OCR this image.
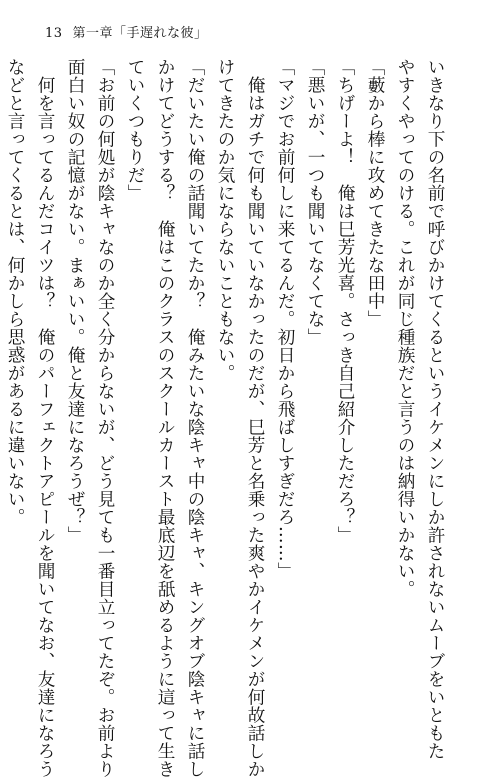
13 第一章「手遅れな彼」
いきなり下の名前で呼びかけてくるというイケメンにしか許されないムーブをいともた
やすくやってのける。これが同じ種族だと言うのは納得いかない。
「藪から棒に攻めてきたな田中」
「ちげーよ！　俺は巳芳光喜。さっき自己紹介しただろ？」
「悪いが、一つも聞いてなくてな」
「マジでお前何しに来てるんだ。初日から飛ばしすぎだろ……」
　俺はガチで何も聞いていなかったのだが、巳芳と名乗った爽やかイケメンが何故話しか
けてきたのか気にならないこともない。
「だいたい俺の話聞いてたか？　俺みたいな陰キャ中の陰キャ、キングオブ陰キャに話し
かけてどうする？　俺はこのクラスのスクールカースト最底辺を舐めるように這って生き
ていくつもりだ」
「お前の何処が陰キャなのか全く分からないが、どう見ても一番目立ってたぞ。お前より
面白い奴の記憶がない。まぁいい。俺と友達になろうぜ？」
　何を言ってるんだコイツは？　俺のパーフェクトアピールを聞いてなお、友達になろう
などと言ってくるとは、何かしら思惑があるに違いない。
